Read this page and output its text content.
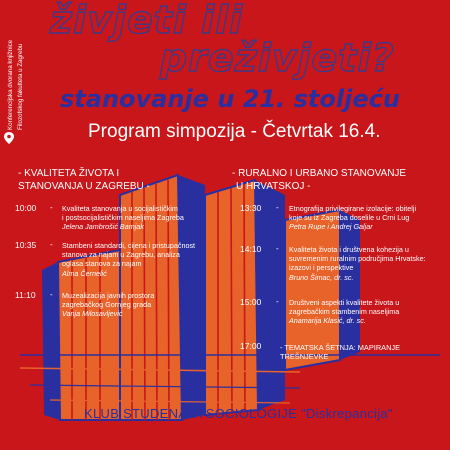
Konferencijska dvorana knjižnice Filozofskog fakulteta u Zagrebu
živjeti ili
preživjeti?
stanovanje u 21. stoljeću
Program simpozija - Četvrtak 16.4.
- KVALITETA ŽIVOTA I
STANOVANJA U ZAGREBU -
10:00 - Kvaliteta stanovanja u socijalističkim
i postsocijalističkim naseljima Zagreba
Jelena Jambrošić Bamjak
10:35 - Stambeni standardi, cijena i pristupačnost
stanova za najam u Zagrebu, analiza
oglasa stanova za najam
Alma Černelić
11:10 - Muzealizacija javnih prostora
zagrebačkog Gornjeg grada
Vanja Milosavljević
- RURALNO I URBANO STANOVANJE
U HRVATSKOJ -
13:30 - Etnografija privilegirane izolacije: obitelji
koje su iz Zagreba doselile u Crni Lug
Petra Rupe i Andrej Galjar
14:10 - Kvaliteta života i društvena kohezija u
suvremenim ruralnim područjima Hrvatske:
izazovi i perspektive
Bruno Šimac, dr. sc.
15:00 - Društveni aspekti kvalitete života u
zagrebačkim stambenim naseljima
Anamarija Klasić, dr. sc.
17:00	- TEMATSKA ŠETNJA: MAPIRANJE TREŠNJEVKE
KLUB STUDENATA SOCIOLOGIJE "Diskrepancija"
